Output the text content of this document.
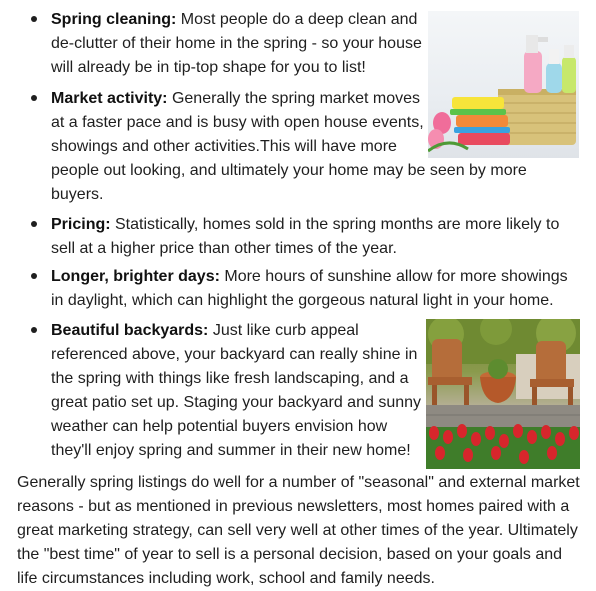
Spring cleaning: Most people do a deep clean and
de-clutter of their home in the spring - so your house
will already be in tip-top shape for you to list!

Market activity: Generally the spring market moves
at a faster pace and is busy with open house events,
showings and other activities.This will have more
people out looking, and ultimately your home may be seen by more
buyers.

Pricing: Statistically, homes sold in the spring months are more likely to
sell at a higher price than other times of the year.

Longer, brighter days: More hours of sunshine allow for more showings
in daylight, which can highlight the gorgeous natural light in your home.

Beautiful backyards: Just like curb appeal
referenced above, your backyard can really shine in
the spring with things like fresh landscaping, and a
great patio set up. Staging your backyard and sunny
weather can help potential buyers envision how
they'll enjoy spring and summer in their new home!

Generally spring listings do well for a number of "seasonal" and external market
reasons - but as mentioned in previous newsletters, most homes paired with a
great marketing strategy, can sell very well at other times of the year. Ultimately
the "best time" of year to sell is a personal decision, based on your goals and
life circumstances including work, school and family needs.
